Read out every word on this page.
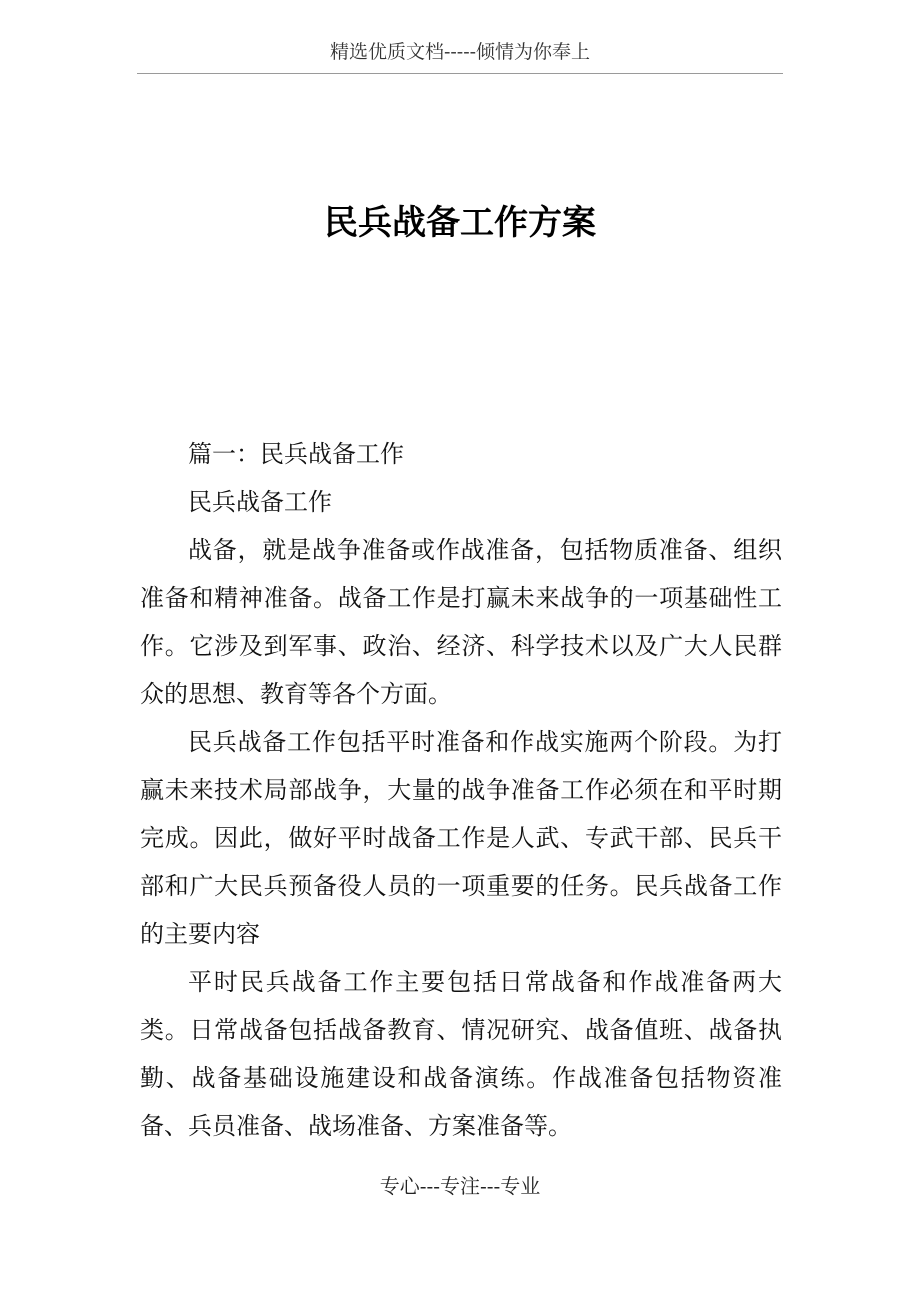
精选优质文档-----倾情为你奉上
民兵战备工作方案

篇一：民兵战备工作

民兵战备工作

战备，就是战争准备或作战准备，包括物质准备、组织准备和精神准备。战备工作是打赢未来战争的一项基础性工作。它涉及到军事、政治、经济、科学技术以及广大人民群众的思想、教育等各个方面。

民兵战备工作包括平时准备和作战实施两个阶段。为打赢未来技术局部战争，大量的战争准备工作必须在和平时期完成。因此，做好平时战备工作是人武、专武干部、民兵干部和广大民兵预备役人员的一项重要的任务。民兵战备工作的主要内容

平时民兵战备工作主要包括日常战备和作战准备两大类。日常战备包括战备教育、情况研究、战备值班、战备执勤、战备基础设施建设和战备演练。作战准备包括物资准备、兵员准备、战场准备、方案准备等。

专心---专注---专业
